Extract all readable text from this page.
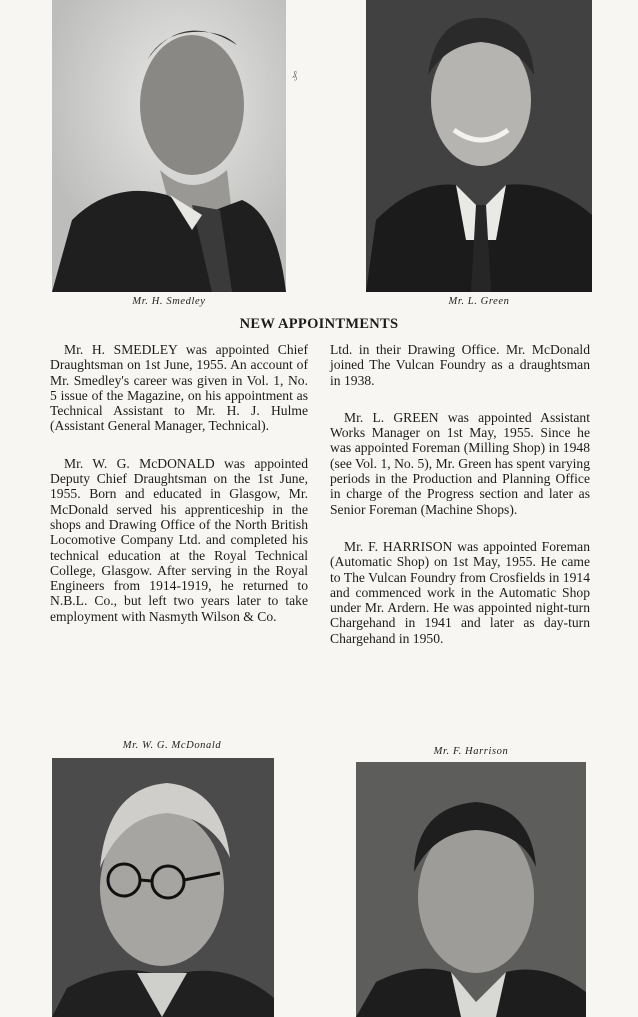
₰
Mr. H. Smedley	Mr. L. Green
NEW APPOINTMENTS

Mr. H. SMEDLEY was appointed Chief Draughtsman on 1st June, 1955. An account of Mr. Smedley's career was given in Vol. 1, No. 5 issue of the Magazine, on his appointment as Technical Assistant to Mr. H. J. Hulme (Assistant General Manager, Technical).

Mr. W. G. McDONALD was appointed Deputy Chief Draughtsman on the 1st June, 1955. Born and educated in Glasgow, Mr. McDonald served his apprenticeship in the shops and Drawing Office of the North British Locomotive Company Ltd. and completed his technical education at the Royal Technical College, Glasgow. After serving in the Royal Engineers from 1914-1919, he returned to N.B.L. Co., but left two years later to take employment with Nasmyth Wilson & Co.

Ltd. in their Drawing Office. Mr. McDonald joined The Vulcan Foundry as a draughtsman in 1938.

Mr. L. GREEN was appointed Assistant Works Manager on 1st May, 1955. Since he was appointed Foreman (Milling Shop) in 1948 (see Vol. 1, No. 5), Mr. Green has spent varying periods in the Production and Planning Office in charge of the Progress section and later as Senior Foreman (Machine Shops).

Mr. F. HARRISON was appointed Foreman (Automatic Shop) on 1st May, 1955. He came to The Vulcan Foundry from Crosfields in 1914 and commenced work in the Automatic Shop under Mr. Ardern. He was appointed night-turn Chargehand in 1941 and later as day-turn Chargehand in 1950.

Mr. W. G. McDonald
Mr. F. Harrison
